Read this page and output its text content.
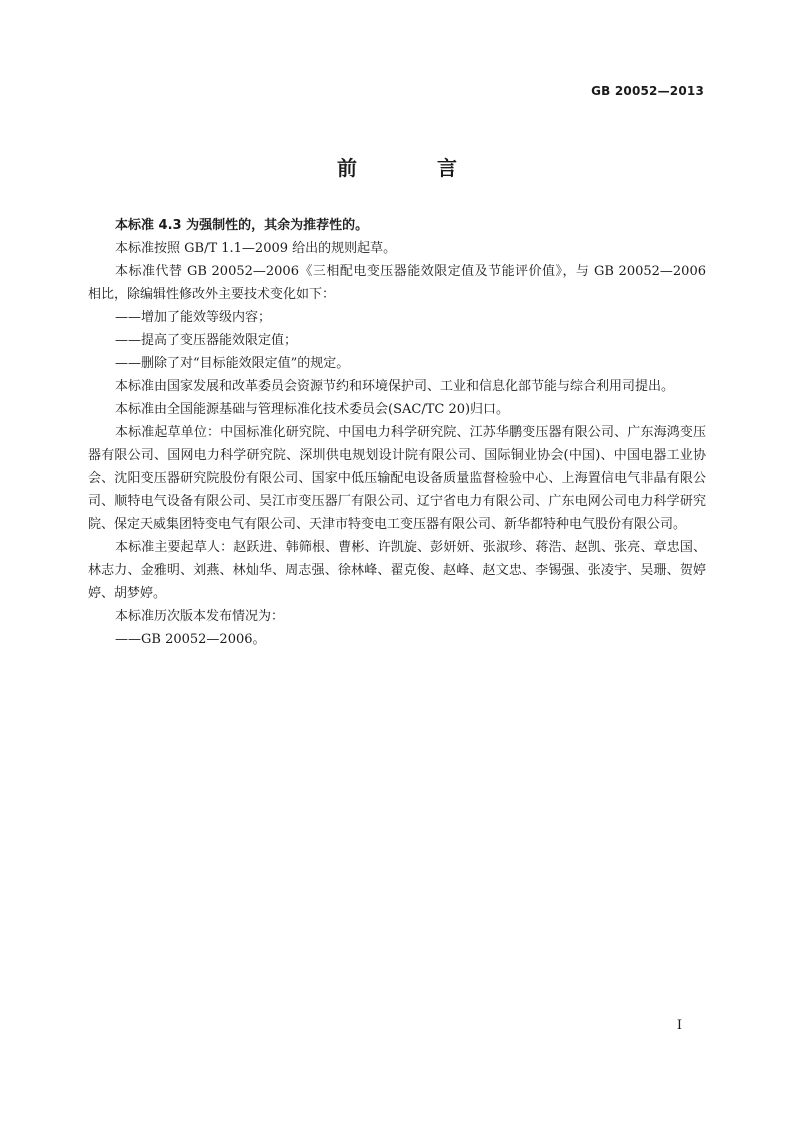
GB 20052—2013
前　言

本标准 4.3 为强制性的，其余为推荐性的。

本标准按照 GB/T 1.1—2009 给出的规则起草。

本标准代替 GB 20052—2006《三相配电变压器能效限定值及节能评价值》，与 GB 20052—2006 相比，除编辑性修改外主要技术变化如下：

——增加了能效等级内容；

——提高了变压器能效限定值；

——删除了对“目标能效限定值”的规定。

本标准由国家发展和改革委员会资源节约和环境保护司、工业和信息化部节能与综合利用司提出。

本标准由全国能源基础与管理标准化技术委员会(SAC/TC 20)归口。

本标准起草单位：中国标准化研究院、中国电力科学研究院、江苏华鹏变压器有限公司、广东海鸿变压器有限公司、国网电力科学研究院、深圳供电规划设计院有限公司、国际铜业协会(中国)、中国电器工业协会、沈阳变压器研究院股份有限公司、国家中低压输配电设备质量监督检验中心、上海置信电气非晶有限公司、顺特电气设备有限公司、吴江市变压器厂有限公司、辽宁省电力有限公司、广东电网公司电力科学研究院、保定天威集团特变电气有限公司、天津市特变电工变压器有限公司、新华都特种电气股份有限公司。

本标准主要起草人：赵跃进、韩筛根、曹彬、许凯旋、彭妍妍、张淑珍、蒋浩、赵凯、张亮、章忠国、林志力、金雅明、刘燕、林灿华、周志强、徐林峰、翟克俊、赵峰、赵文忠、李锡强、张凌宇、吴珊、贺婷婷、胡梦婷。

本标准历次版本发布情况为：

——GB 20052—2006。

I
